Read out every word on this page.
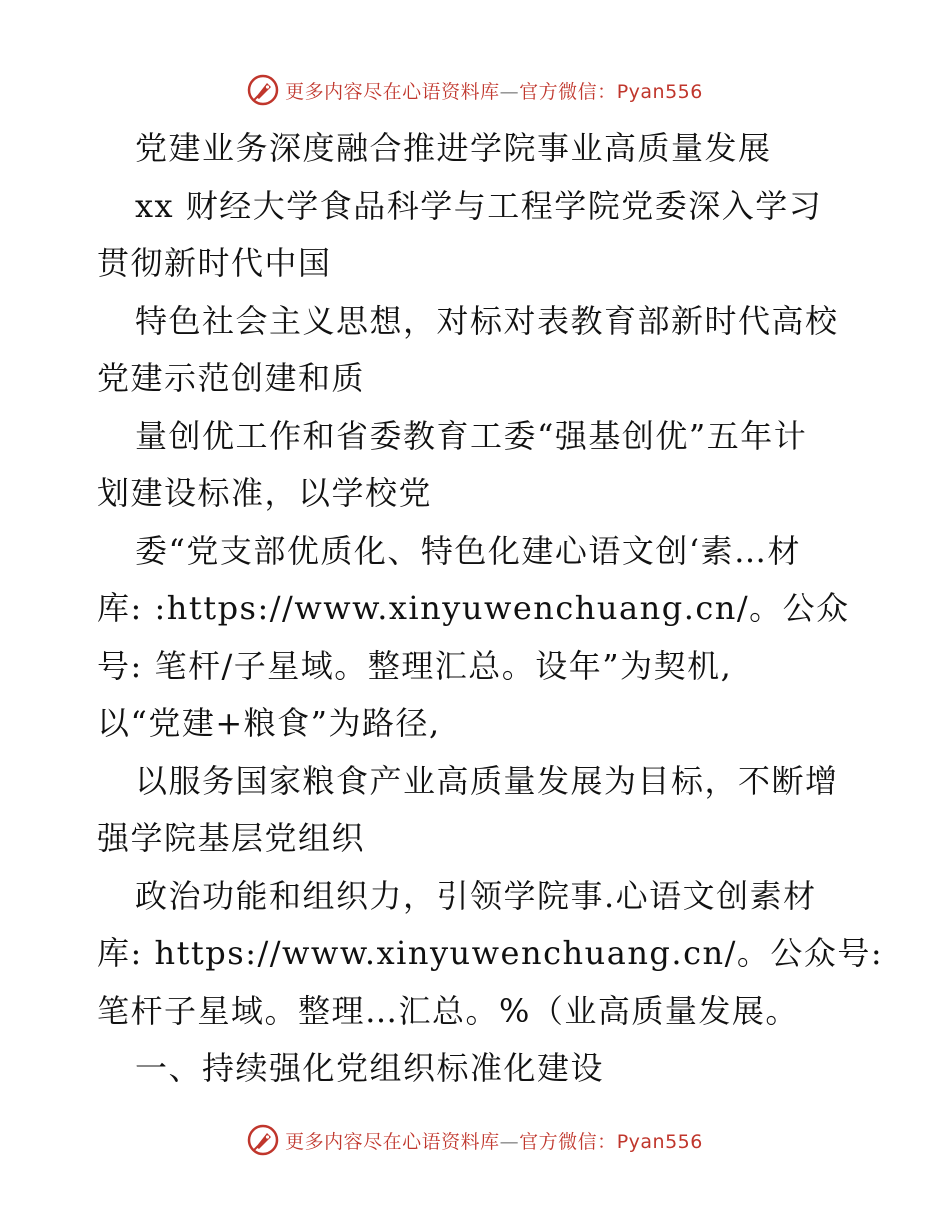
更多内容尽在心语资料库—官方微信：Pyan556

党建业务深度融合推进学院事业高质量发展

xx 财经大学食品科学与工程学院党委深入学习

贯彻新时代中国

特色社会主义思想，对标对表教育部新时代高校

党建示范创建和质

量创优工作和省委教育工委“强基创优”五年计

划建设标准，以学校党

委“党支部优质化、特色化建心语文创‘素…材

库: :https://www.xinyuwenchuang.cn/。公众

号: 笔杆/子星域。整理汇总。设年”为契机,

以“党建+粮食”为路径,

以服务国家粮食产业高质量发展为目标，不断增

强学院基层党组织

政治功能和组织力，引领学院事.心语文创素材

库: https://www.xinyuwenchuang.cn/。公众号:

笔杆子星域。整理…汇总。%（业高质量发展。

一、持续强化党组织标准化建设

更多内容尽在心语资料库—官方微信：Pyan556
